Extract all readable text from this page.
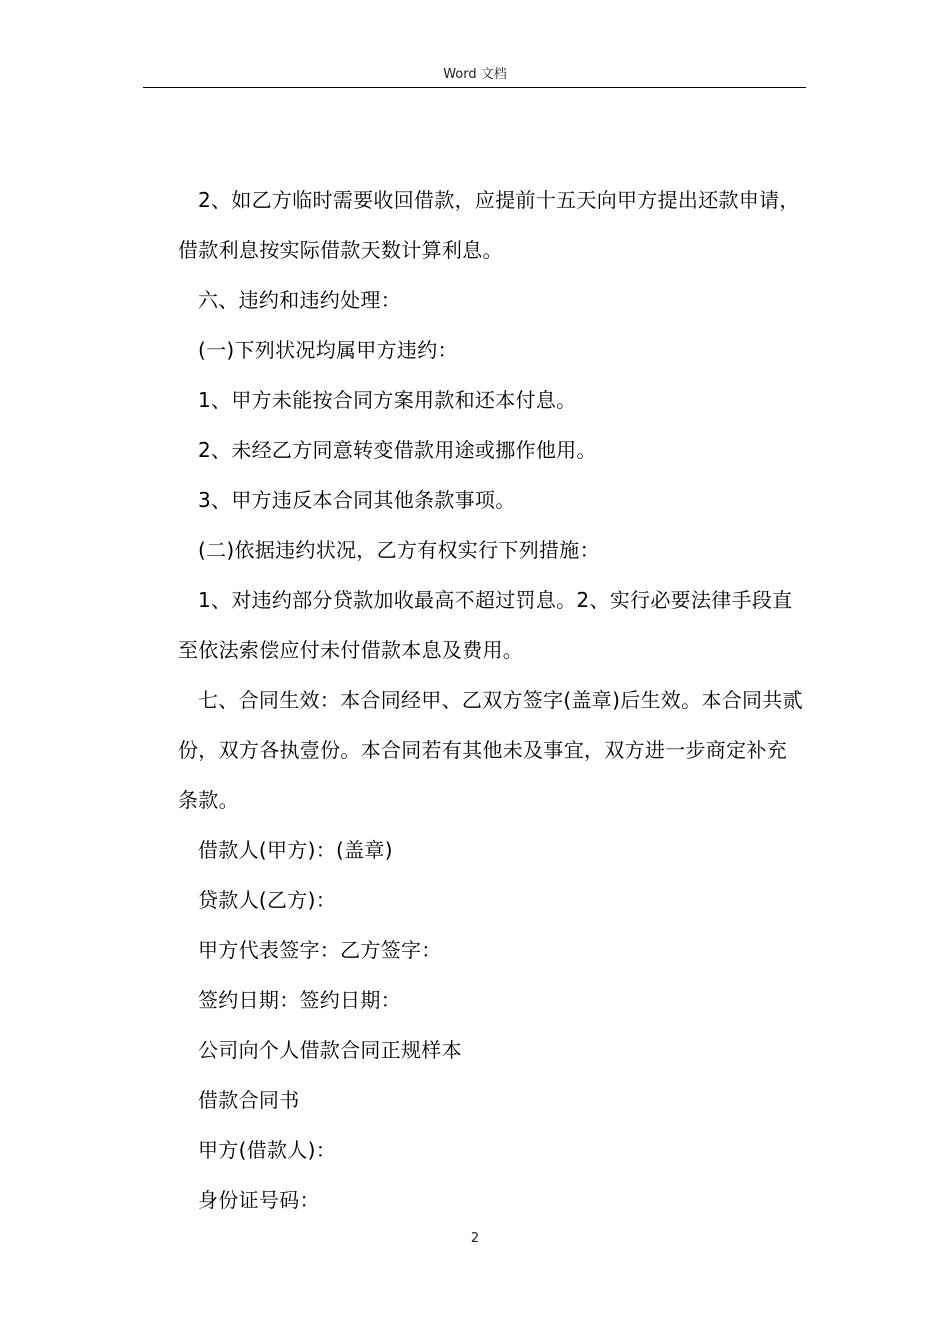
Word 文档

2、如乙方临时需要收回借款，应提前十五天向甲方提出还款申请，借款利息按实际借款天数计算利息。

六、违约和违约处理：

(一)下列状况均属甲方违约：

1、甲方未能按合同方案用款和还本付息。

2、未经乙方同意转变借款用途或挪作他用。

3、甲方违反本合同其他条款事项。

(二)依据违约状况，乙方有权实行下列措施：

1、对违约部分贷款加收最高不超过罚息。2、实行必要法律手段直至依法索偿应付未付借款本息及费用。

七、合同生效：本合同经甲、乙双方签字(盖章)后生效。本合同共贰份，双方各执壹份。本合同若有其他未及事宜，双方进一步商定补充条款。

借款人(甲方)：(盖章)

贷款人(乙方)：

甲方代表签字：乙方签字：

签约日期：签约日期：

公司向个人借款合同正规样本

借款合同书

甲方(借款人)：

身份证号码：

2
